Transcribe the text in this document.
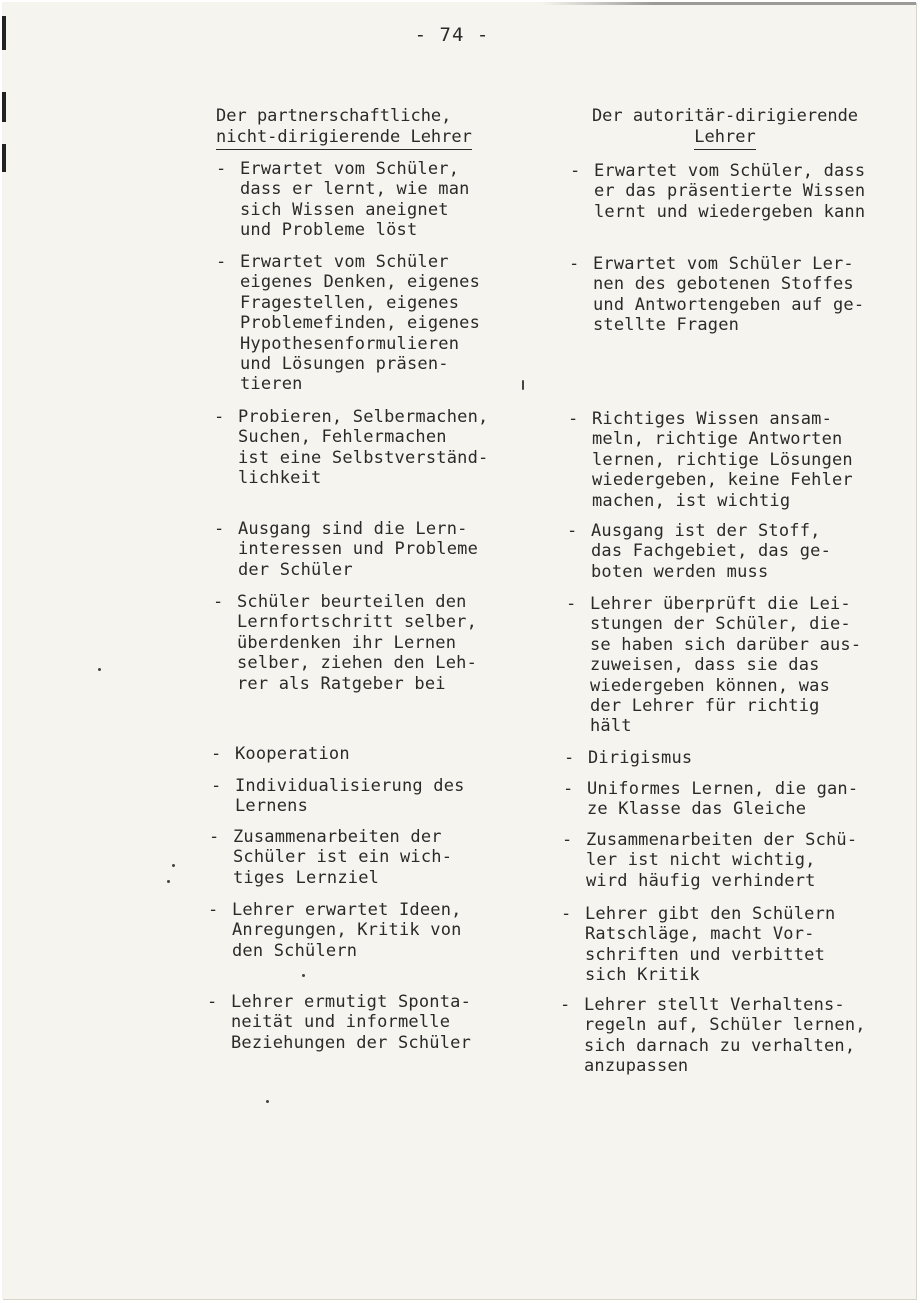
- 74 -
Der partnerschaftliche,
nicht-dirigierende Lehrer
Der autoritär-dirigierende
Lehrer
- Erwartet vom Schüler,
dass er lernt, wie man
sich Wissen aneignet
und Probleme löst
- Erwartet vom Schüler
eigenes Denken, eigenes
Fragestellen, eigenes
Problemefinden, eigenes
Hypothesenformulieren
und Lösungen präsen-
tieren
- Probieren, Selbermachen,
Suchen, Fehlermachen
ist eine Selbstverständ-
lichkeit
- Ausgang sind die Lern-
interessen und Probleme
der Schüler
- Schüler beurteilen den
Lernfortschritt selber,
überdenken ihr Lernen
selber, ziehen den Leh-
rer als Ratgeber bei
- Kooperation
- Individualisierung des
Lernens
- Zusammenarbeiten der
Schüler ist ein wich-
tiges Lernziel
- Lehrer erwartet Ideen,
Anregungen, Kritik von
den Schülern
- Lehrer ermutigt Sponta-
neität und informelle
Beziehungen der Schüler
- Erwartet vom Schüler, dass
er das präsentierte Wissen
lernt und wiedergeben kann
- Erwartet vom Schüler Ler-
nen des gebotenen Stoffes
und Antwortengeben auf ge-
stellte Fragen
- Richtiges Wissen ansam-
meln, richtige Antworten
lernen, richtige Lösungen
wiedergeben, keine Fehler
machen, ist wichtig
- Ausgang ist der Stoff,
das Fachgebiet, das ge-
boten werden muss
- Lehrer überprüft die Lei-
stungen der Schüler, die-
se haben sich darüber aus-
zuweisen, dass sie das
wiedergeben können, was
der Lehrer für richtig
hält
- Dirigismus
- Uniformes Lernen, die gan-
ze Klasse das Gleiche
- Zusammenarbeiten der Schü-
ler ist nicht wichtig,
wird häufig verhindert
- Lehrer gibt den Schülern
Ratschläge, macht Vor-
schriften und verbittet
sich Kritik
- Lehrer stellt Verhaltens-
regeln auf, Schüler lernen,
sich darnach zu verhalten,
anzupassen
